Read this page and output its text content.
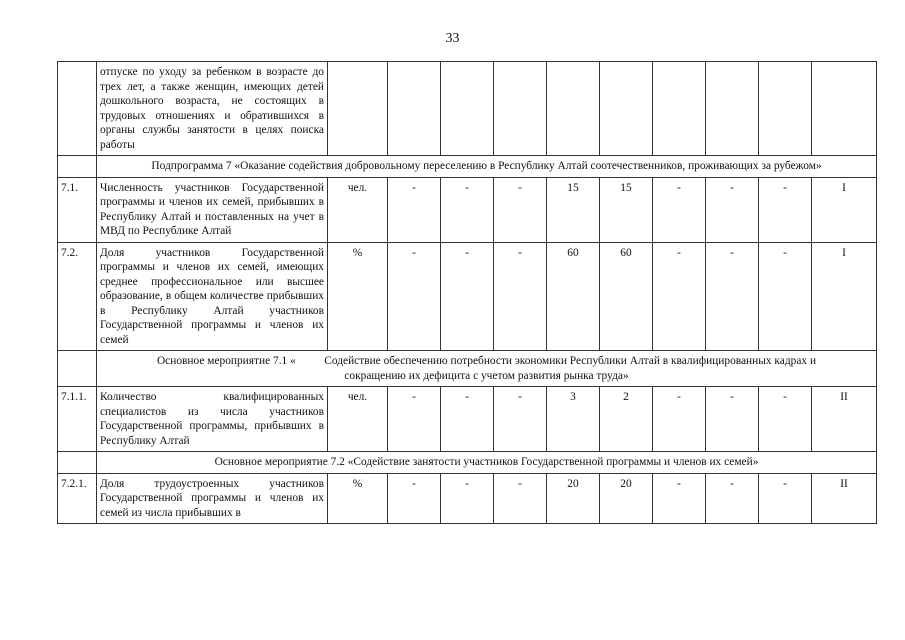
33
	отпуске по уходу за ребенком в возрасте до трех лет, а также женщин, имеющих детей дошкольного возраста, не состоящих в трудовых отношениях и обратившихся в органы службы занятости в целях поиска работы										
	Подпрограмма 7 «Оказание содействия добровольному переселению в Республику Алтай соотечественников, проживающих за рубежом»										
7.1.	Численность участников Государственной программы и членов их семей, прибывших в Республику Алтай и поставленных на учет в МВД по Республике Алтай	чел.	-	-	-	15	15	-	-	-	I
7.2.	Доля участников Государственной программы и членов их семей, имеющих среднее профессиональное или высшее образование, в общем количестве прибывших в Республику Алтай участников Государственной программы и членов их семей	%	-	-	-	60	60	-	-	-	I

	Основное мероприятие 7.1 «          Содействие обеспечению потребности экономики Республики Алтай в квалифицированных кадрах и
сокращению их дефицита с учетом развития рынка труда»										

7.1.1.	Количество квалифицированных специалистов из числа участников Государственной программы, прибывших в Республику Алтай	чел.	-	-	-	3	2	-	-	-	II
	Основное мероприятие 7.2 «Содействие занятости участников Государственной программы и членов их семей»										
7.2.1.	Доля трудоустроенных участников Государственной программы и членов их семей из числа прибывших в	%	-	-	-	20	20	-	-	-	II
